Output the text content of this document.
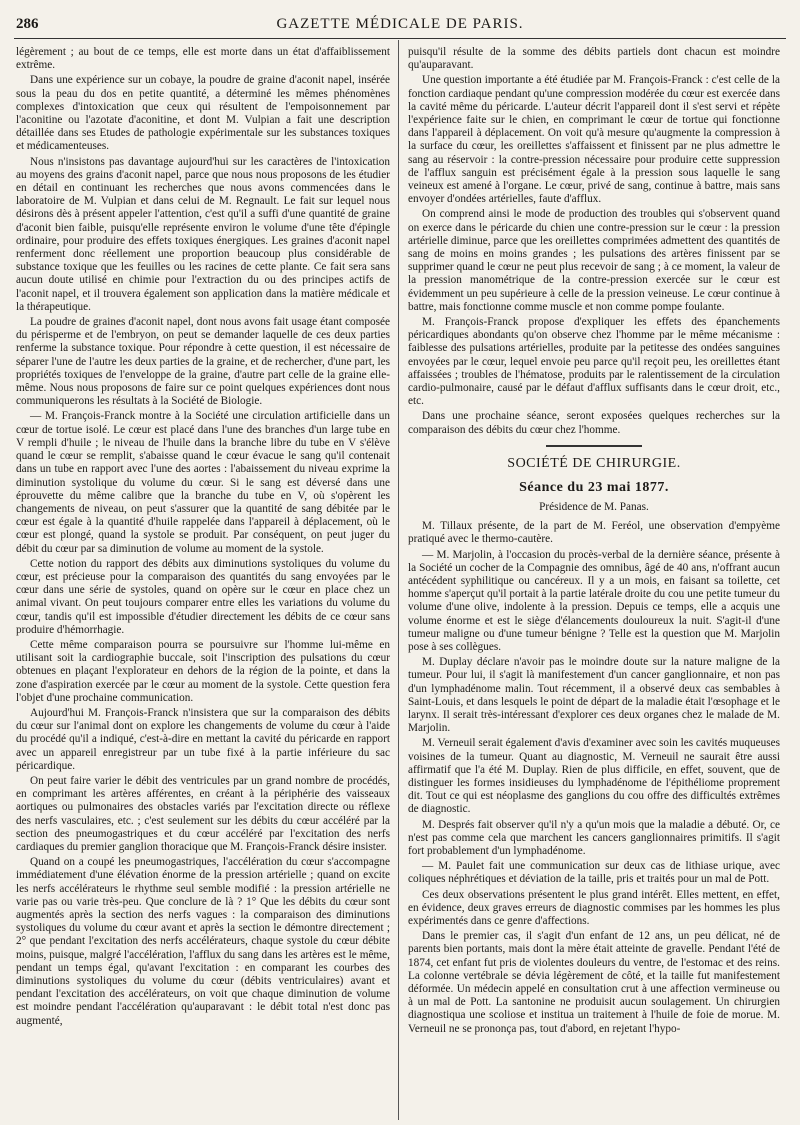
286	GAZETTE MÉDICALE DE PARIS.

légèrement ; au bout de ce temps, elle est morte dans un état d'affaiblissement extrême.

Dans une expérience sur un cobaye, la poudre de graine d'aconit napel, insérée sous la peau du dos en petite quantité, a déterminé les mêmes phénomènes complexes d'intoxication que ceux qui résultent de l'empoisonnement par l'aconitine ou l'azotate d'aconitine, et dont M. Vulpian a fait une description détaillée dans ses Etudes de pathologie expérimentale sur les substances toxiques et médicamenteuses.

Nous n'insistons pas davantage aujourd'hui sur les caractères de l'intoxication au moyens des grains d'aconit napel, parce que nous nous proposons de les étudier en détail en continuant les recherches que nous avons commencées dans le laboratoire de M. Vulpian et dans celui de M. Regnault. Le fait sur lequel nous désirons dès à présent appeler l'attention, c'est qu'il a suffi d'une quantité de graine d'aconit bien faible, puisqu'elle représente environ le volume d'une tête d'épingle ordinaire, pour produire des effets toxiques énergiques. Les graines d'aconit napel renferment donc réellement une proportion beaucoup plus considérable de substance toxique que les feuilles ou les racines de cette plante. Ce fait sera sans aucun doute utilisé en chimie pour l'extraction du ou des principes actifs de l'aconit napel, et il trouvera également son application dans la matière médicale et la thérapeutique.

La poudre de graines d'aconit napel, dont nous avons fait usage étant composée du périsperme et de l'embryon, on peut se demander laquelle de ces deux parties renferme la substance toxique. Pour répondre à cette question, il est nécessaire de séparer l'une de l'autre les deux parties de la graine, et de rechercher, d'une part, les propriétés toxiques de l'enveloppe de la graine, d'autre part celle de la graine elle-même. Nous nous proposons de faire sur ce point quelques expériences dont nous communiquerons les résultats à la Société de Biologie.

— M. François-Franck montre à la Société une circulation artificielle dans un cœur de tortue isolé. Le cœur est placé dans l'une des branches d'un large tube en V rempli d'huile ; le niveau de l'huile dans la branche libre du tube en V s'élève quand le cœur se remplit, s'abaisse quand le cœur évacue le sang qu'il contenait dans un tube en rapport avec l'une des aortes : l'abaissement du niveau exprime la diminution systolique du volume du cœur. Si le sang est déversé dans une éprouvette du même calibre que la branche du tube en V, où s'opèrent les changements de niveau, on peut s'assurer que la quantité de sang débitée par le cœur est égale à la quantité d'huile rappelée dans l'appareil à déplacement, où le cœur est plongé, quand la systole se produit. Par conséquent, on peut juger du débit du cœur par sa diminution de volume au moment de la systole.

Cette notion du rapport des débits aux diminutions systoliques du volume du cœur, est précieuse pour la comparaison des quantités du sang envoyées par le cœur dans une série de systoles, quand on opère sur le cœur en place chez un animal vivant. On peut toujours comparer entre elles les variations du volume du cœur, tandis qu'il est impossible d'étudier directement les débits de ce cœur sans produire d'hémorrhagie.

Cette même comparaison pourra se poursuivre sur l'homme lui-même en utilisant soit la cardiographie buccale, soit l'inscription des pulsations du cœur obtenues en plaçant l'explorateur en dehors de la région de la pointe, et dans la zone d'aspiration exercée par le cœur au moment de la systole. Cette question fera l'objet d'une prochaine communication.

Aujourd'hui M. François-Franck n'insistera que sur la comparaison des débits du cœur sur l'animal dont on explore les changements de volume du cœur à l'aide du procédé qu'il a indiqué, c'est-à-dire en mettant la cavité du péricarde en rapport avec un appareil enregistreur par un tube fixé à la partie inférieure du sac péricardique.

On peut faire varier le débit des ventricules par un grand nombre de procédés, en comprimant les artères afférentes, en créant à la périphérie des vaisseaux aortiques ou pulmonaires des obstacles variés par l'excitation directe ou réflexe des nerfs vasculaires, etc. ; c'est seulement sur les débits du cœur accéléré par la section des pneumogastriques et du cœur accéléré par l'excitation des nerfs cardiaques du premier ganglion thoracique que M. François-Franck désire insister.

Quand on a coupé les pneumogastriques, l'accélération du cœur s'accompagne immédiatement d'une élévation énorme de la pression artérielle ; quand on excite les nerfs accélérateurs le rhythme seul semble modifié : la pression artérielle ne varie pas ou varie très-peu. Que conclure de là ? 1° Que les débits du cœur sont augmentés après la section des nerfs vagues : la comparaison des diminutions systoliques du volume du cœur avant et après la section le démontre directement ; 2° que pendant l'excitation des nerfs accélérateurs, chaque systole du cœur débite moins, puisque, malgré l'accélération, l'afflux du sang dans les artères est le même, pendant un temps égal, qu'avant l'excitation : en comparant les courbes des diminutions systoliques du volume du cœur (débits ventriculaires) avant et pendant l'excitation des accélérateurs, on voit que chaque diminution de volume est moindre pendant l'accélération qu'auparavant : le débit total n'est donc pas augmenté,

puisqu'il résulte de la somme des débits partiels dont chacun est moindre qu'auparavant.

Une question importante a été étudiée par M. François-Franck : c'est celle de la fonction cardiaque pendant qu'une compression modérée du cœur est exercée dans la cavité même du péricarde. L'auteur décrit l'appareil dont il s'est servi et répète l'expérience faite sur le chien, en comprimant le cœur de tortue qui fonctionne dans l'appareil à déplacement. On voit qu'à mesure qu'augmente la compression à la surface du cœur, les oreillettes s'affaissent et finissent par ne plus admettre le sang au réservoir : la contre-pression nécessaire pour produire cette suppression de l'afflux sanguin est précisément égale à la pression sous laquelle le sang veineux est amené à l'organe. Le cœur, privé de sang, continue à battre, mais sans envoyer d'ondées artérielles, faute d'afflux.

On comprend ainsi le mode de production des troubles qui s'observent quand on exerce dans le péricarde du chien une contre-pression sur le cœur : la pression artérielle diminue, parce que les oreillettes comprimées admettent des quantités de sang de moins en moins grandes ; les pulsations des artères finissent par se supprimer quand le cœur ne peut plus recevoir de sang ; à ce moment, la valeur de la pression manométrique de la contre-pression exercée sur le cœur est évidemment un peu supérieure à celle de la pression veineuse. Le cœur continue à battre, mais fonctionne comme muscle et non comme pompe foulante.

M. François-Franck propose d'expliquer les effets des épanchements péricardiques abondants qu'on observe chez l'homme par le même mécanisme : faiblesse des pulsations artérielles, produite par la petitesse des ondées sanguines envoyées par le cœur, lequel envoie peu parce qu'il reçoit peu, les oreillettes étant affaissées ; troubles de l'hématose, produits par le ralentissement de la circulation cardio-pulmonaire, causé par le défaut d'afflux suffisants dans le cœur droit, etc., etc.

Dans une prochaine séance, seront exposées quelques recherches sur la comparaison des débits du cœur chez l'homme.

SOCIÉTÉ DE CHIRURGIE.
Séance du 23 mai 1877.
Présidence de M. Panas.

M. Tillaux présente, de la part de M. Feréol, une observation d'empyème pratiqué avec le thermo-cautère.

— M. Marjolin, à l'occasion du procès-verbal de la dernière séance, présente à la Société un cocher de la Compagnie des omnibus, âgé de 40 ans, n'offrant aucun antécédent syphilitique ou cancéreux. Il y a un mois, en faisant sa toilette, cet homme s'aperçut qu'il portait à la partie latérale droite du cou une petite tumeur du volume d'une olive, indolente à la pression. Depuis ce temps, elle a acquis une volume énorme et est le siège d'élancements douloureux la nuit. S'agit-il d'une tumeur maligne ou d'une tumeur bénigne ? Telle est la question que M. Marjolin pose à ses collègues.

M. Duplay déclare n'avoir pas le moindre doute sur la nature maligne de la tumeur. Pour lui, il s'agit là manifestement d'un cancer ganglionnaire, et non pas d'un lymphadénome malin. Tout récemment, il a observé deux cas sembables à Saint-Louis, et dans lesquels le point de départ de la maladie était l'œsophage et le larynx. Il serait très-intéressant d'explorer ces deux organes chez le malade de M. Marjolin.

M. Verneuil serait également d'avis d'examiner avec soin les cavités muqueuses voisines de la tumeur. Quant au diagnostic, M. Verneuil ne saurait être aussi affirmatif que l'a été M. Duplay. Rien de plus difficile, en effet, souvent, que de distinguer les formes insidieuses du lymphadénome de l'épithéliome proprement dit. Tout ce qui est néoplasme des ganglions du cou offre des difficultés extrêmes de diagnostic.

M. Després fait observer qu'il n'y a qu'un mois que la maladie a débuté. Or, ce n'est pas comme cela que marchent les cancers ganglionnaires primitifs. Il s'agit fort probablement d'un lymphadénome.

— M. Paulet fait une communication sur deux cas de lithiase urique, avec coliques néphrétiques et déviation de la taille, pris et traités pour un mal de Pott.

Ces deux observations présentent le plus grand intérêt. Elles mettent, en effet, en évidence, deux graves erreurs de diagnostic commises par les hommes les plus expérimentés dans ce genre d'affections.

Dans le premier cas, il s'agit d'un enfant de 12 ans, un peu délicat, né de parents bien portants, mais dont la mère était atteinte de gravelle. Pendant l'été de 1874, cet enfant fut pris de violentes douleurs du ventre, de l'estomac et des reins. La colonne vertébrale se dévia légèrement de côté, et la taille fut manifestement déformée. Un médecin appelé en consultation crut à une affection vermineuse ou à un mal de Pott. La santonine ne produisit aucun soulagement. Un chirurgien diagnostiqua une scoliose et institua un traitement à l'huile de foie de morue. M. Verneuil ne se prononça pas, tout d'abord, en rejetant l'hypo-
